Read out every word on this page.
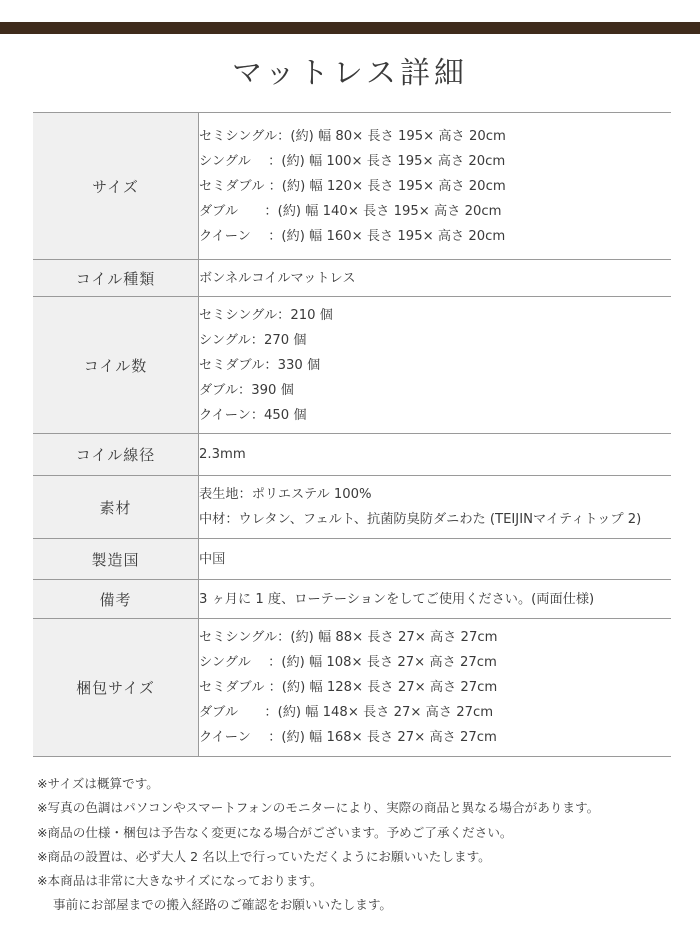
マットレス詳細
サイズ	セミシングル：(約) 幅 80× 長さ 195× 高さ 20cm
シングル　 ：(約) 幅 100× 長さ 195× 高さ 20cm
セミダブル ：(約) 幅 120× 長さ 195× 高さ 20cm
ダブル　　：(約) 幅 140× 長さ 195× 高さ 20cm
クイーン　 ：(約) 幅 160× 長さ 195× 高さ 20cm

コイル種類	ボンネルコイルマットレス

コイル数	セミシングル：210 個
シングル：270 個
セミダブル：330 個
ダブル：390 個
クイーン：450 個

コイル線径	2.3mm

素材	表生地：ポリエステル 100%
中材：ウレタン、フェルト、抗菌防臭防ダニわた (TEIJINマイティトップ 2)

製造国	中国

備考	3 ヶ月に 1 度、ローテーションをしてご使用ください。(両面仕様)

梱包サイズ	セミシングル：(約) 幅 88× 長さ 27× 高さ 27cm
シングル　 ：(約) 幅 108× 長さ 27× 高さ 27cm
セミダブル ：(約) 幅 128× 長さ 27× 高さ 27cm
ダブル　　：(約) 幅 148× 長さ 27× 高さ 27cm
クイーン　 ：(約) 幅 168× 長さ 27× 高さ 27cm
※サイズは概算です。
※写真の色調はパソコンやスマートフォンのモニターにより、実際の商品と異なる場合があります。
※商品の仕様・梱包は予告なく変更になる場合がございます。予めご了承ください。
※商品の設置は、必ず大人 2 名以上で行っていただくようにお願いいたします。
※本商品は非常に大きなサイズになっております。
事前にお部屋までの搬入経路のご確認をお願いいたします。
